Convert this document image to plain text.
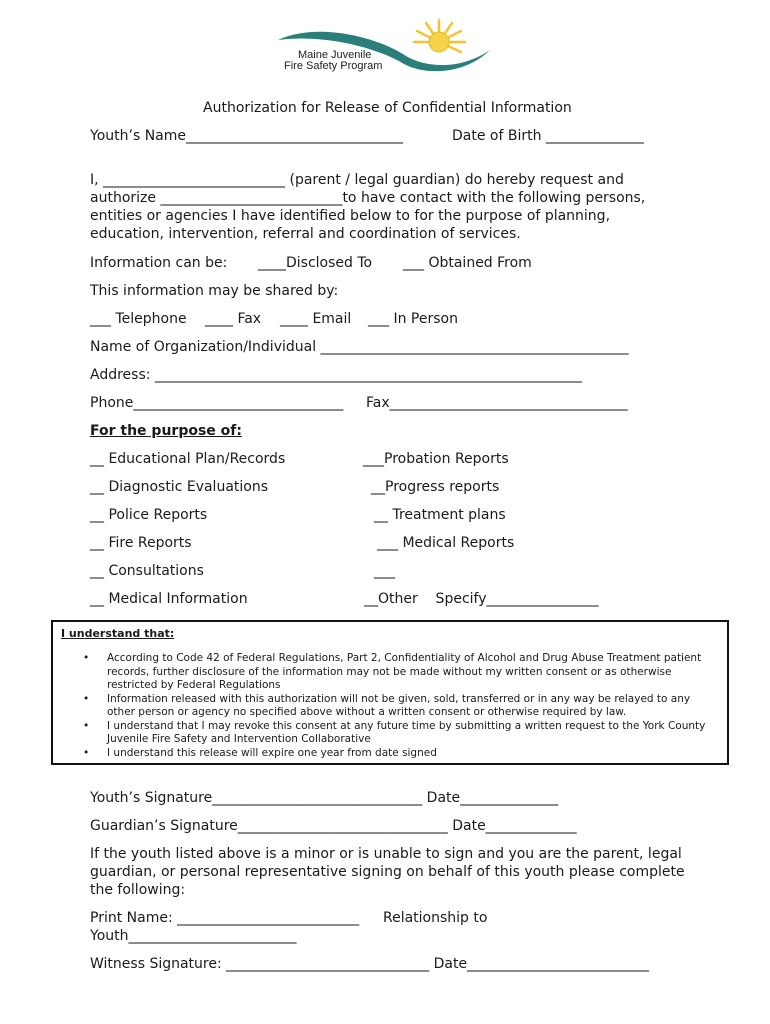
Maine Juvenile
Fire Safety Program
Authorization for Release of Confidential Information
Youth’s Name_______________________________	Date of Birth ______________
I, __________________________ (parent / legal guardian) do hereby request and authorize __________________________to have contact with the following persons, entities or agencies I have identified below to for the purpose of planning, education, intervention, referral and coordination of services.
Information can be: ____Disclosed To ___ Obtained From
This information may be shared by:
___ Telephone ____ Fax ____ Email ___ In Person
Name of Organization/Individual ____________________________________________
Address: _____________________________________________________________
Phone______________________________ Fax__________________________________
For the purpose of:
__ Educational Plan/Records
__ Diagnostic Evaluations
__ Police Reports
__ Fire Reports
__ Consultations
__ Medical Information
___Probation Reports
__Progress reports
__ Treatment plans
___ Medical Reports
___
__Other    Specify________________
I understand that:
• According to Code 42 of Federal Regulations, Part 2, Confidentiality of Alcohol and Drug Abuse Treatment patient records, further disclosure of the information may not be made without my written consent or as otherwise restricted by Federal Regulations
• Information released with this authorization will not be given, sold, transferred or in any way be relayed to any other person or agency no specified above without a written consent or otherwise required by law.
• I understand that I may revoke this consent at any future time by submitting a written request to the York County Juvenile Fire Safety and Intervention Collaborative
• I understand this release will expire one year from date signed
Youth’s Signature______________________________ Date______________
Guardian’s Signature______________________________ Date_____________
If the youth listed above is a minor or is unable to sign and you are the parent, legal guardian, or personal representative signing on behalf of this youth please complete the following:
Print Name: __________________________ Relationship to
Youth________________________
Witness Signature: _____________________________ Date__________________________
